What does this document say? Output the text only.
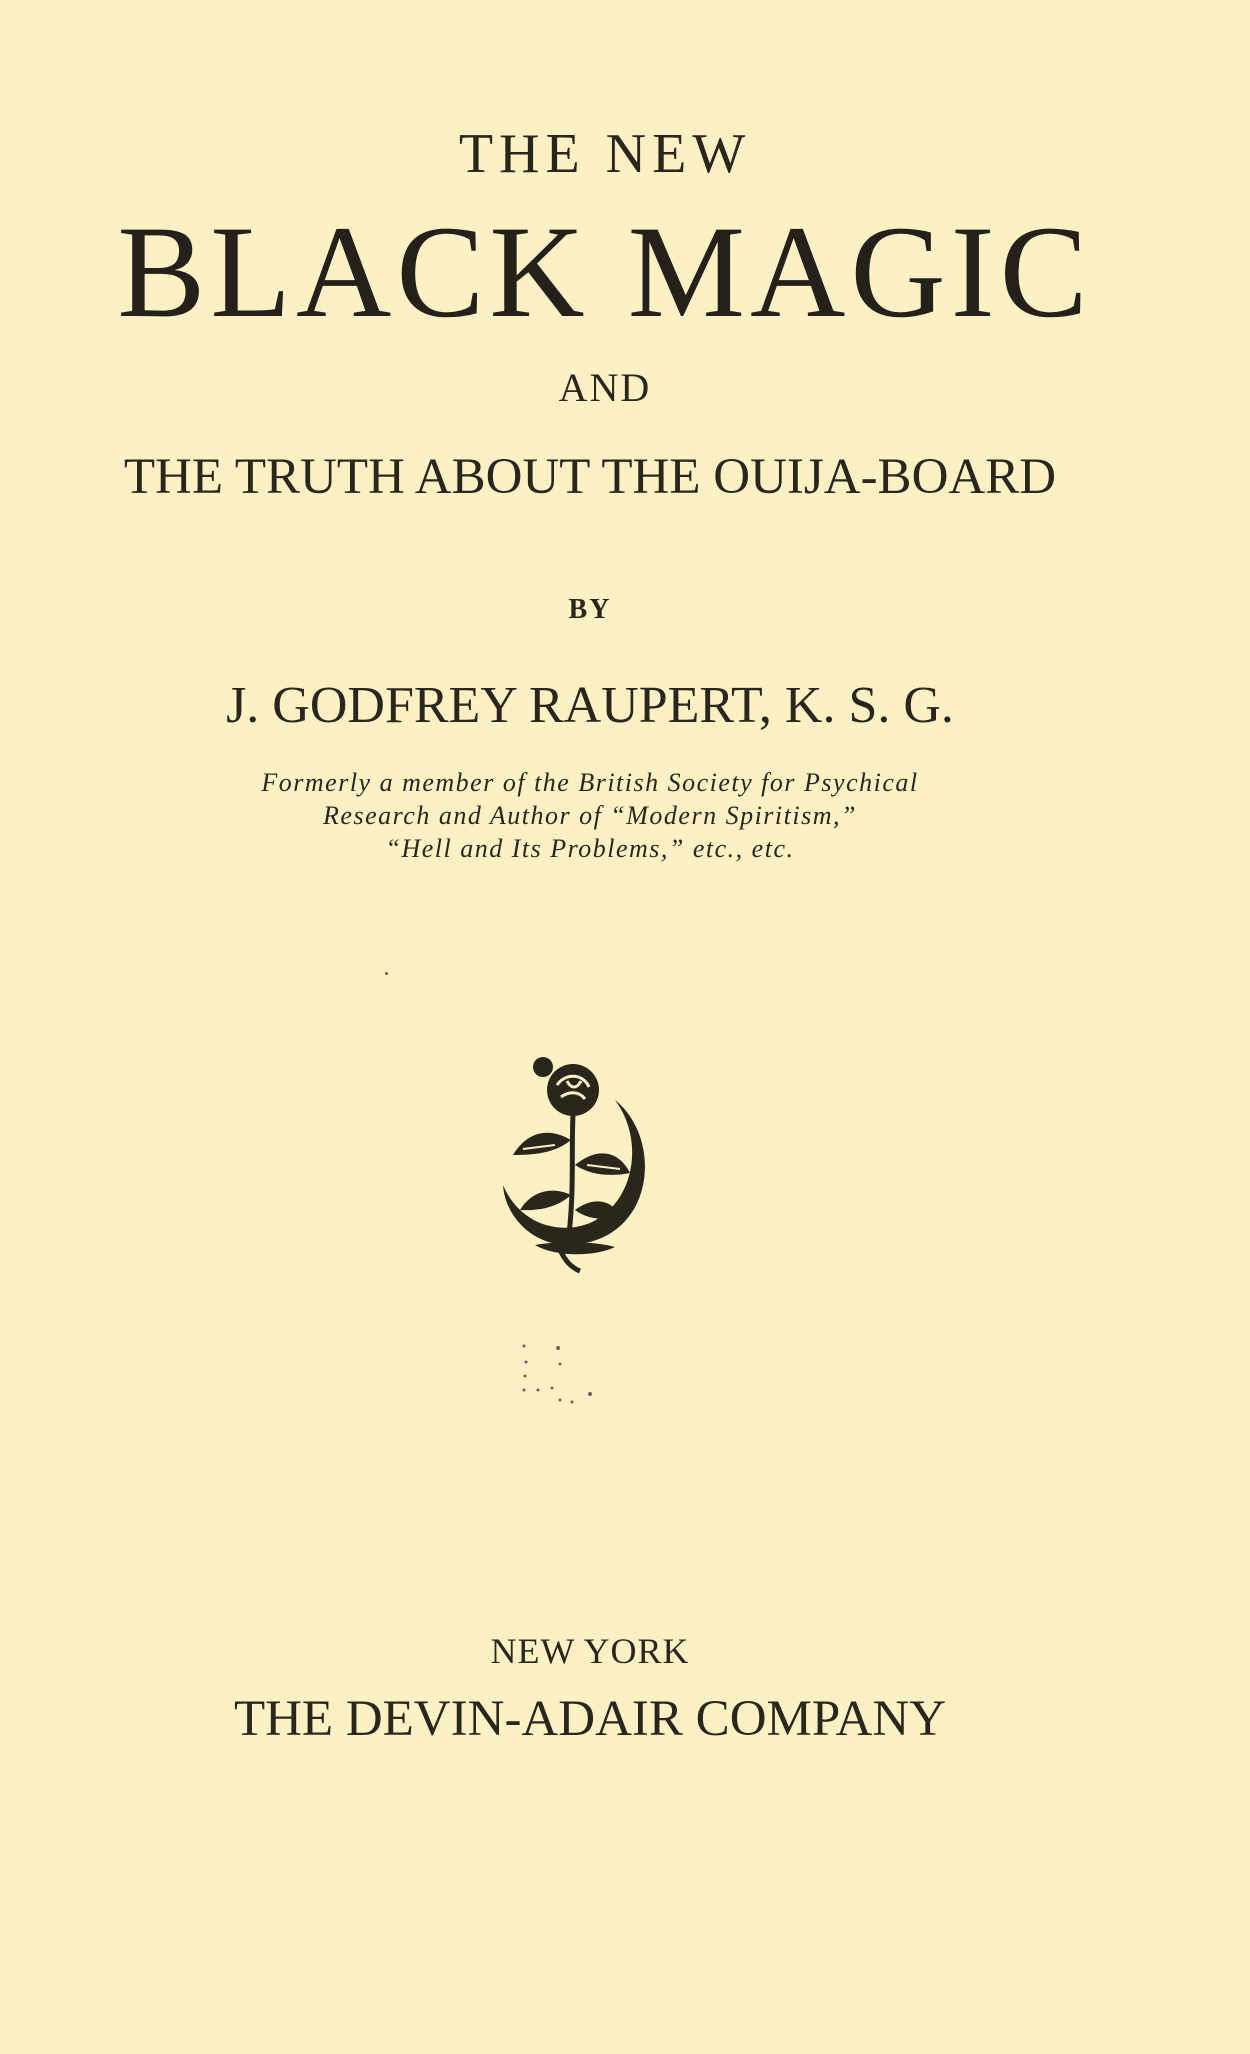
THE NEW
BLACK MAGIC
AND
THE TRUTH ABOUT THE OUIJA-BOARD
BY
J. GODFREY RAUPERT, K. S. G.
Formerly a member of the British Society for Psychical
Research and Author of “Modern Spiritism,”
“Hell and Its Problems,” etc., etc.
NEW YORK
THE DEVIN-ADAIR COMPANY
